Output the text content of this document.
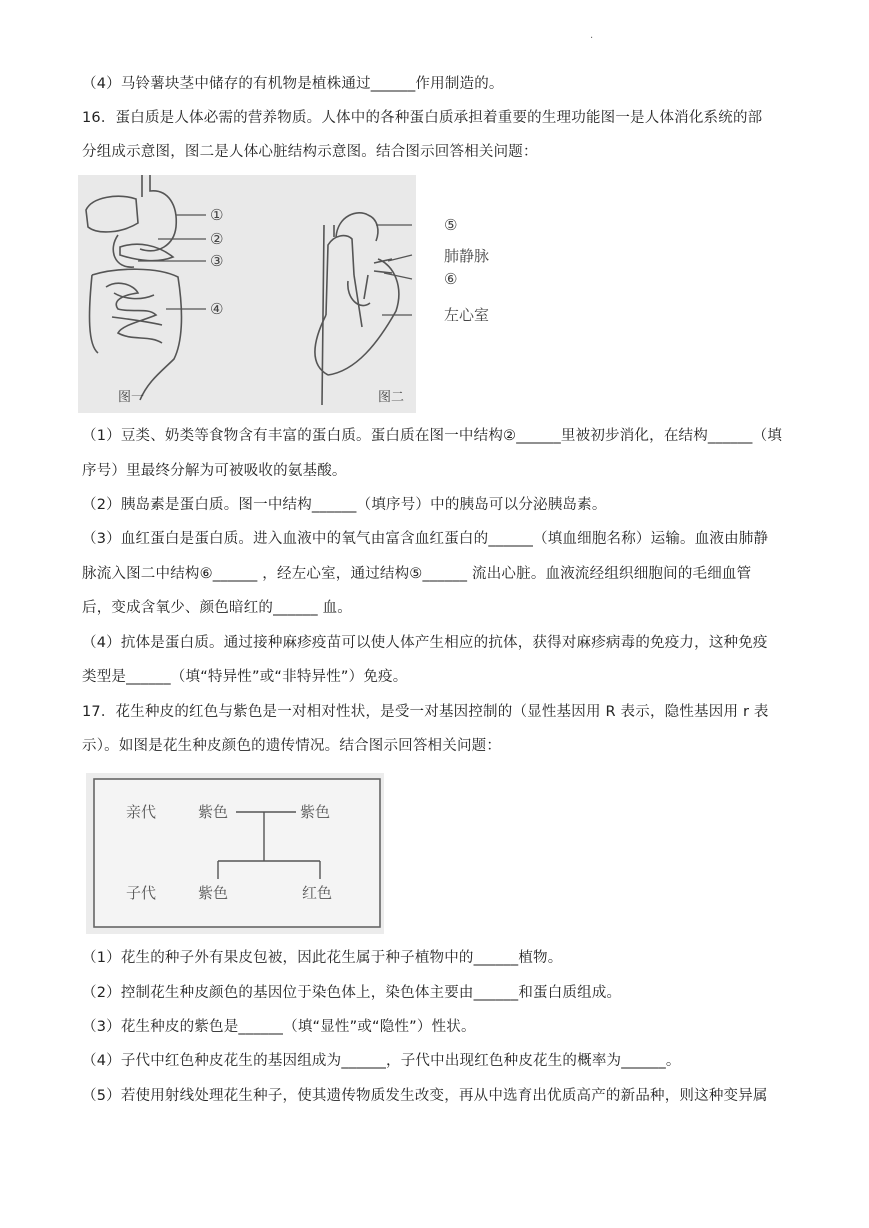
.
（4）马铃薯块茎中储存的有机物是植株通过______作用制造的。
16．蛋白质是人体必需的营养物质。人体中的各种蛋白质承担着重要的生理功能图一是人体消化系统的部
分组成示意图，图二是人体心脏结构示意图。结合图示回答相关问题：
①
②
③
④
图一
⑤
肺静脉
⑥
左心室
图二
（1）豆类、奶类等食物含有丰富的蛋白质。蛋白质在图一中结构②______里被初步消化，在结构______（填
序号）里最终分解为可被吸收的氨基酸。
（2）胰岛素是蛋白质。图一中结构______（填序号）中的胰岛可以分泌胰岛素。
（3）血红蛋白是蛋白质。进入血液中的氧气由富含血红蛋白的______（填血细胞名称）运输。血液由肺静
脉流入图二中结构⑥______ ，经左心室，通过结构⑤______ 流出心脏。血液流经组织细胞间的毛细血管
后，变成含氧少、颜色暗红的______ 血。
（4）抗体是蛋白质。通过接种麻疹疫苗可以使人体产生相应的抗体，获得对麻疹病毒的免疫力，这种免疫
类型是______（填“特异性”或“非特异性”）免疫。
17．花生种皮的红色与紫色是一对相对性状，是受一对基因控制的（显性基因用 R 表示，隐性基因用 r 表
示）。如图是花生种皮颜色的遗传情况。结合图示回答相关问题：
亲代	紫色	紫色
子代	紫色	红色
（1）花生的种子外有果皮包被，因此花生属于种子植物中的______植物。
（2）控制花生种皮颜色的基因位于染色体上，染色体主要由______和蛋白质组成。
（3）花生种皮的紫色是______（填“显性”或“隐性”）性状。
（4）子代中红色种皮花生的基因组成为______，子代中出现红色种皮花生的概率为______。
（5）若使用射线处理花生种子，使其遗传物质发生改变，再从中选育出优质高产的新品种，则这种变异属
